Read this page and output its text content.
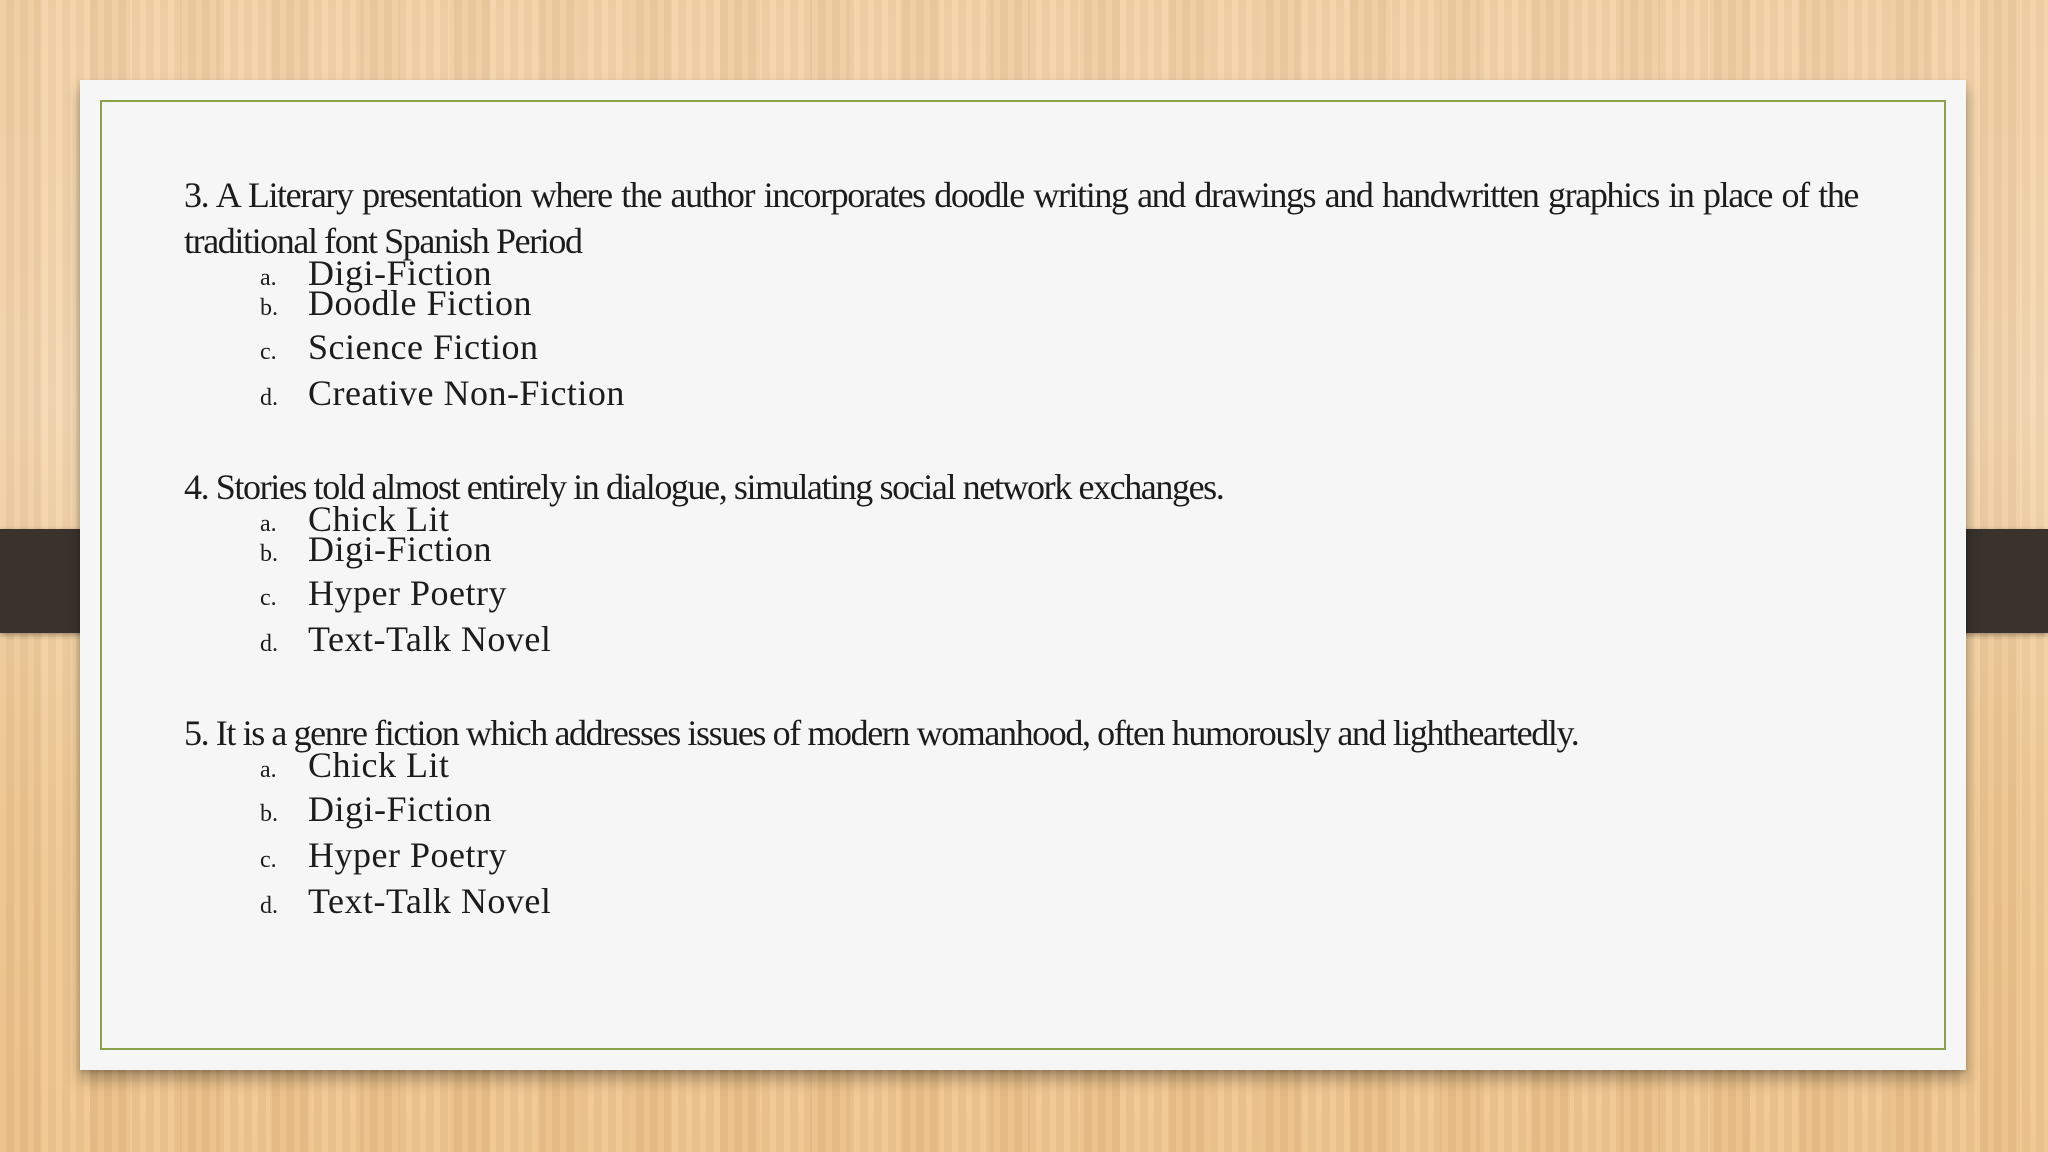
3. A Literary presentation where the author incorporates doodle writing and drawings and handwritten graphics in place of the traditional font Spanish Period

a. Digi-Fiction
b. Doodle Fiction
c. Science Fiction
d. Creative Non-Fiction

4. Stories told almost entirely in dialogue, simulating social network exchanges.

a. Chick Lit
b. Digi-Fiction
c. Hyper Poetry
d. Text-Talk Novel

5. It is a genre fiction which addresses issues of modern womanhood, often humorously and lightheartedly.

a. Chick Lit
b. Digi-Fiction
c. Hyper Poetry
d. Text-Talk Novel
